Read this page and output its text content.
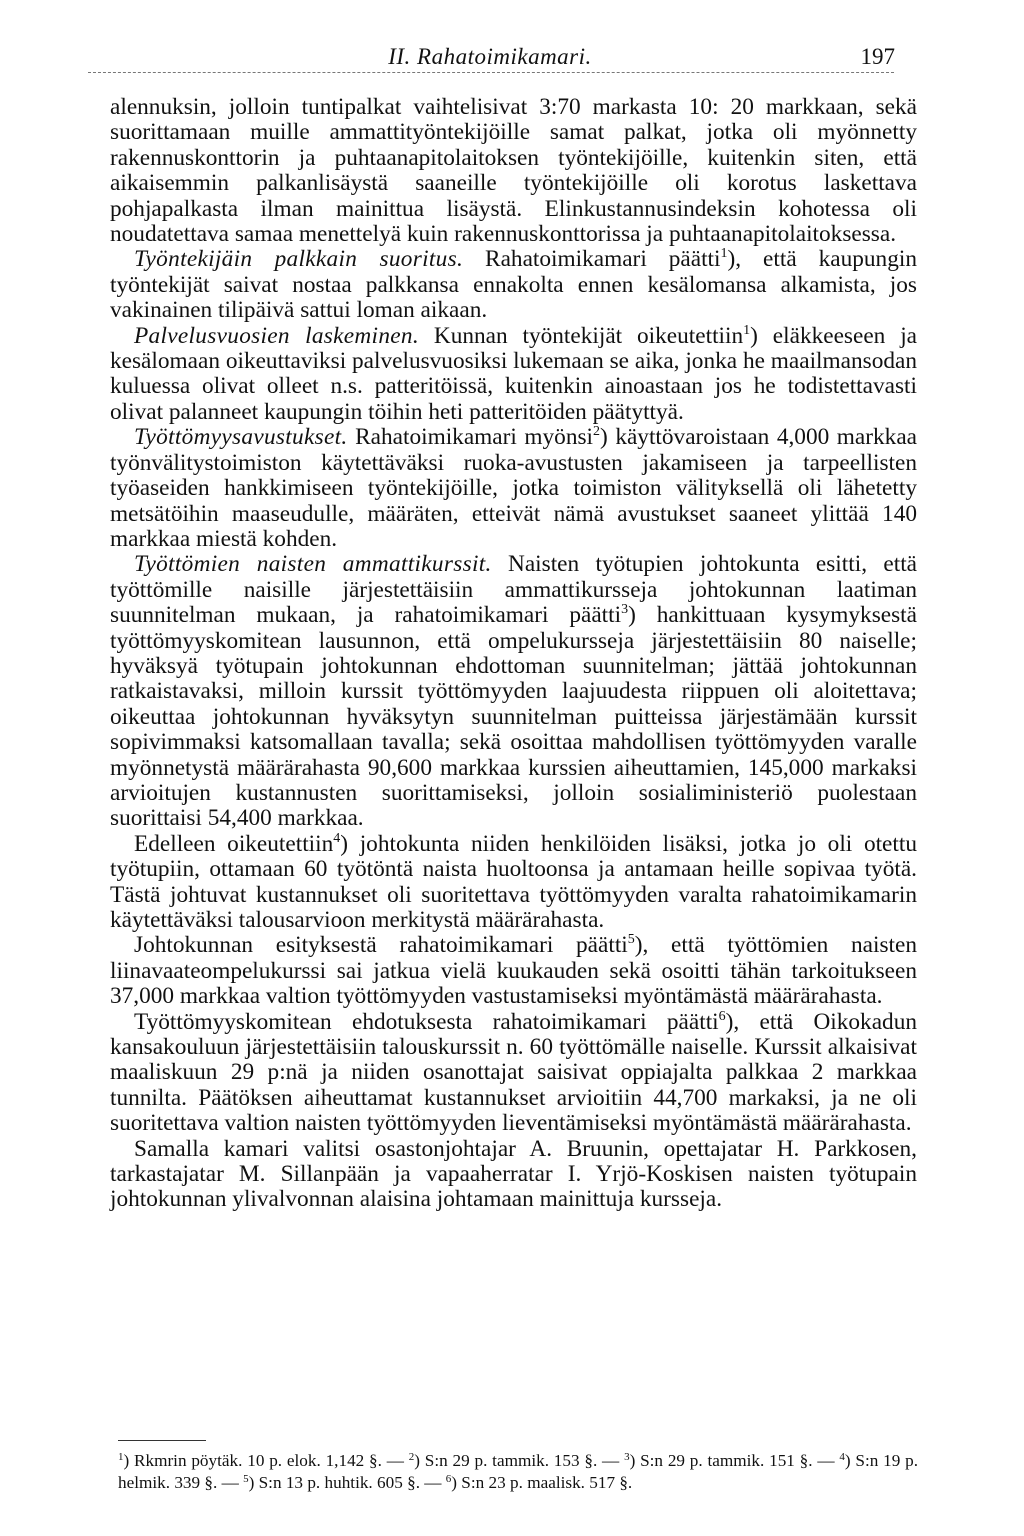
II. Rahatoimikamari.	197

alennuksin, jolloin tuntipalkat vaihtelisivat 3:70 markasta 10: 20 markkaan, sekä suorittamaan muille ammattityöntekijöille samat palkat, jotka oli myönnetty rakennuskonttorin ja puhtaanapitolaitoksen työntekijöille, kuitenkin siten, että aikaisemmin palkanlisäystä saaneille työntekijöille oli korotus laskettava pohjapalkasta ilman mainittua lisäystä. Elinkustannusindeksin kohotessa oli noudatettava samaa menettelyä kuin rakennuskonttorissa ja puhtaanapitolaitoksessa.

Työntekijäin palkkain suoritus. Rahatoimikamari päätti$^1$), että kaupungin työntekijät saivat nostaa palkkansa ennakolta ennen kesälomansa alkamista, jos vakinainen tilipäivä sattui loman aikaan.

Palvelusvuosien laskeminen. Kunnan työntekijät oikeutettiin$^1$) eläkkeeseen ja kesälomaan oikeuttaviksi palvelusvuosiksi lukemaan se aika, jonka he maailmansodan kuluessa olivat olleet n.s. patteritöissä, kuitenkin ainoastaan jos he todistettavasti olivat palanneet kaupungin töihin heti patteritöiden päätyttyä.

Työttömyysavustukset. Rahatoimikamari myönsi$^2$) käyttövaroistaan 4,000 markkaa työnvälitystoimiston käytettäväksi ruoka-avustusten jakamiseen ja tarpeellisten työaseiden hankkimiseen työntekijöille, jotka toimiston välityksellä oli lähetetty metsätöihin maaseudulle, määräten, etteivät nämä avustukset saaneet ylittää 140 markkaa miestä kohden.

Työttömien naisten ammattikurssit. Naisten työtupien johtokunta esitti, että työttömille naisille järjestettäisiin ammattikursseja johtokunnan laatiman suunnitelman mukaan, ja rahatoimikamari päätti$^3$) hankittuaan kysymyksestä työttömyyskomitean lausunnon, että ompelukursseja järjestettäisiin 80 naiselle; hyväksyä työtupain johtokunnan ehdottoman suunnitelman; jättää johtokunnan ratkaistavaksi, milloin kurssit työttömyyden laajuudesta riippuen oli aloitettava; oikeuttaa johtokunnan hyväksytyn suunnitelman puitteissa järjestämään kurssit sopivimmaksi katsomallaan tavalla; sekä osoittaa mahdollisen työttömyyden varalle myönnetystä määrärahasta 90,600 markkaa kurssien aiheuttamien, 145,000 markaksi arvioitujen kustannusten suorittamiseksi, jolloin sosialiministeriö puolestaan suorittaisi 54,400 markkaa.

Edelleen oikeutettiin$^4$) johtokunta niiden henkilöiden lisäksi, jotka jo oli otettu työtupiin, ottamaan 60 työtöntä naista huoltoonsa ja antamaan heille sopivaa työtä. Tästä johtuvat kustannukset oli suoritettava työttömyyden varalta rahatoimikamarin käytettäväksi talousarvioon merkitystä määrärahasta.

Johtokunnan esityksestä rahatoimikamari päätti$^5$), että työttömien naisten liinavaateompelukurssi sai jatkua vielä kuukauden sekä osoitti tähän tarkoitukseen 37,000 markkaa valtion työttömyyden vastustamiseksi myöntämästä määrärahasta.

Työttömyyskomitean ehdotuksesta rahatoimikamari päätti$^6$), että Oikokadun kansakouluun järjestettäisiin talouskurssit n. 60 työttömälle naiselle. Kurssit alkaisivat maaliskuun 29 p:nä ja niiden osanottajat saisivat oppiajalta palkkaa 2 markkaa tunnilta. Päätöksen aiheuttamat kustannukset arvioitiin 44,700 markaksi, ja ne oli suoritettava valtion naisten työttömyyden lieventämiseksi myöntämästä määrärahasta.

Samalla kamari valitsi osastonjohtajar A. Bruunin, opettajatar H. Parkkosen, tarkastajatar M. Sillanpään ja vapaaherratar I. Yrjö-Koskisen naisten työtupain johtokunnan ylivalvonnan alaisina johtamaan mainittuja kursseja.

$^1$) Rkmrin pöytäk. 10 p. elok. 1,142 §. — $^2$) S:n 29 p. tammik. 153 §. — $^3$) S:n 29 p. tammik. 151 §. — $^4$) S:n 19 p. helmik. 339 §. — $^5$) S:n 13 p. huhtik. 605 §. — $^6$) S:n 23 p. maalisk. 517 §.
